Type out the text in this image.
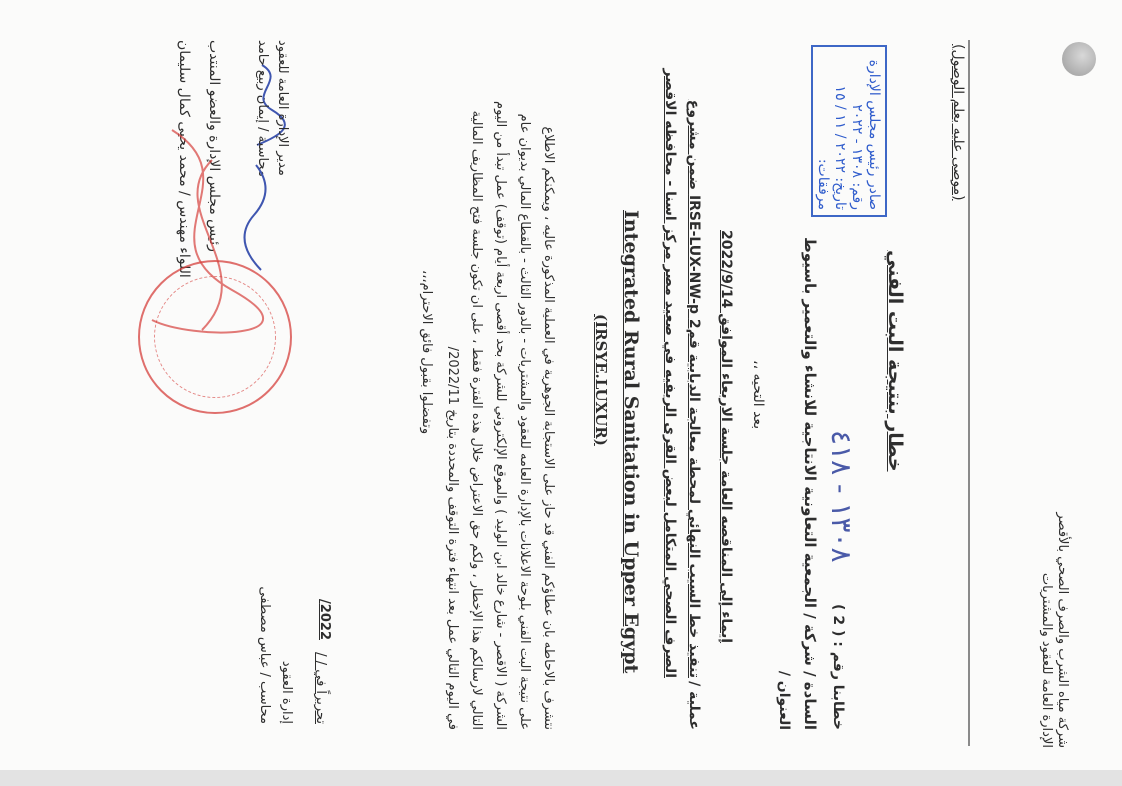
شركة مياه الشرب والصرف الصحي بالأقصر
الإدارة العامة للعقود والمشتريات
(موصى عليه بعلم الوصول)
صادر رئيس مجلس الإدارة
رقم: ١٣٠٨ - ٢٠٢٢
تاريخ: ٢٠٢٢ / ١١ / ١٥
مرفقات:
خطار بنتيجة البت الفني
خطابنا رقم : ( 2 )
١٣٠٨ - ٤١٨
السادة / شركة / الجمعية التعاونية الانتاجية للانشاء والتعمير باسيوط
العنوان /
بعد التحيه ،،
إيماء إلى المناقصه العامة جلسة الاربعاء الموافق 2022/9/14
عملية /
تنفيذ خط السيب النهائي لمحطة معالجة الدبابية قم2 IRSE-LUX-NW-p ضمن مشروع
الصرف الصحي المتكامل لبعض القرى الريفيه في صعيد مصر مركز اسنا - محافظه الاقصر
Integrated Rural Sanitation in Upper Egypt
(IRSYE.LUXUR)
نتشرف بالاحاطه بان عطاؤكم الفني قد حاز على الاستجابة الجوهرية في العملية المذكورة عاليه ، ويمكنكم الاطلاع
على نتيجة البت الفني بلوحة الاعلانات بالإدارة العامه للعقود والمشتريات - بالدور الثالث - بالقطاع المالي بديوان عام
الشركة ( الاقصر - شارع خالد ابن الوليد ) والموقع الإلكتروني للشركة بحد أقصى اربعة أيام (توقف) عمل تبدأ من اليوم
التالي لارسالكم هذا الإخطار ، ولكم حق الاعتراض خلال هذه الفترة فقط ، على ان تكون جلسة فتح المظاريف المالية
في اليوم التالي عمل بعد انتهاء فترة التوقف والمحددة بتاريخ 2022/11/
وتفضلوا بقبول فائق الاحترام،،،
تحريراً في / /
2022/
إدارة العقود
محاسب / عباس مصطفى
مدير الإدارة العامة للعقود
محاسبة / إيمان ربيع حامد
رئيس مجلس الإدارة والعضو المنتدب
اللواء مهندس / محمد يحيى كمال سليمان
